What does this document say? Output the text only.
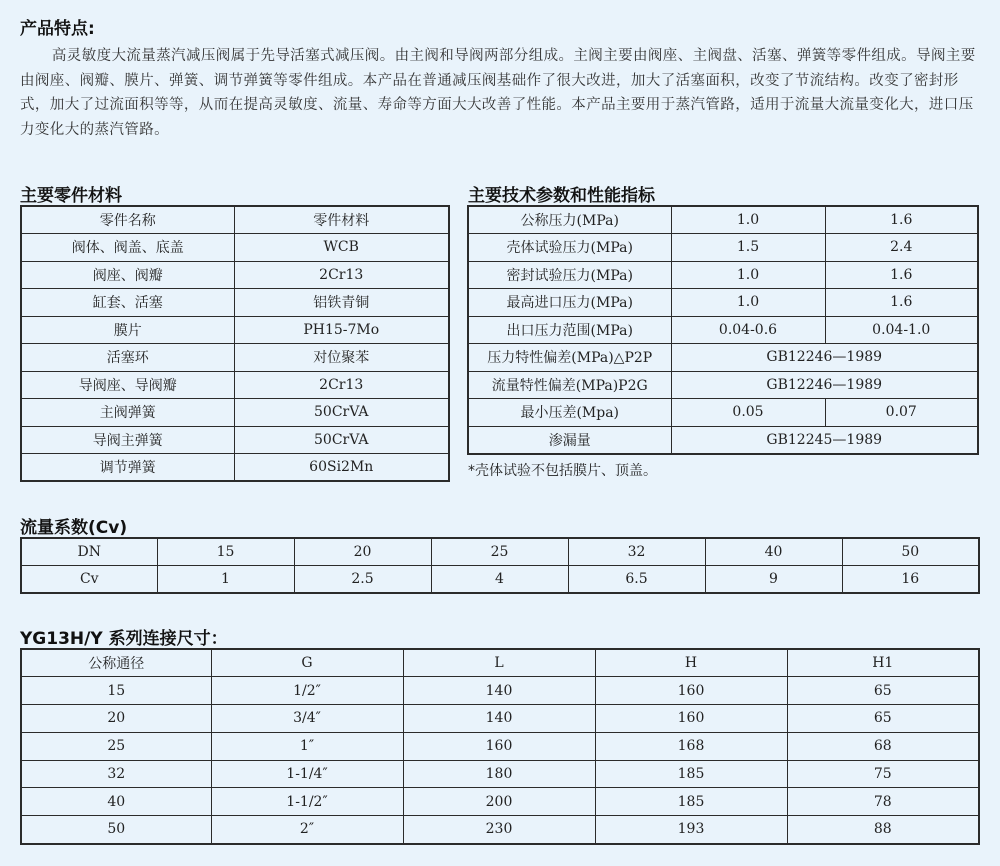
产品特点:

高灵敏度大流量蒸汽减压阀属于先导活塞式减压阀。由主阀和导阀两部分组成。主阀主要由阀座、主阀盘、活塞、弹簧等零件组成。导阀主要由阀座、阀瓣、膜片、弹簧、调节弹簧等零件组成。本产品在普通减压阀基础作了很大改进，加大了活塞面积，改变了节流结构。改变了密封形式，加大了过流面积等等，从而在提高灵敏度、流量、寿命等方面大大改善了性能。本产品主要用于蒸汽管路，适用于流量大流量变化大，进口压力变化大的蒸汽管路。

主要零件材料
零件名称	零件材料
阀体、阀盖、底盖	WCB
阀座、阀瓣	2Cr13
缸套、活塞	铝铁青铜
膜片	PH15-7Mo
活塞环	对位聚苯
导阀座、导阀瓣	2Cr13
主阀弹簧	50CrVA
导阀主弹簧	50CrVA
调节弹簧	60Si2Mn
主要技术参数和性能指标
公称压力(MPa)	1.0	1.6
壳体试验压力(MPa)	1.5	2.4
密封试验压力(MPa)	1.0	1.6
最高进口压力(MPa)	1.0	1.6
出口压力范围(MPa)	0.04-0.6	0.04-1.0
压力特性偏差(MPa)△P2P	GB12246—1989	
流量特性偏差(MPa)P2G	GB12246—1989	
最小压差(Mpa)	0.05	0.07
渗漏量	GB12245—1989	
*壳体试验不包括膜片、顶盖。
流量系数(Cv)
DN	15	20	25	32	40	50
Cv	1	2.5	4	6.5	9	16
YG13H/Y 系列连接尺寸：
公称通径	G	L	H	H1
15	1/2″	140	160	65
20	3/4″	140	160	65
25	1″	160	168	68
32	1-1/4″	180	185	75
40	1-1/2″	200	185	78
50	2″	230	193	88
